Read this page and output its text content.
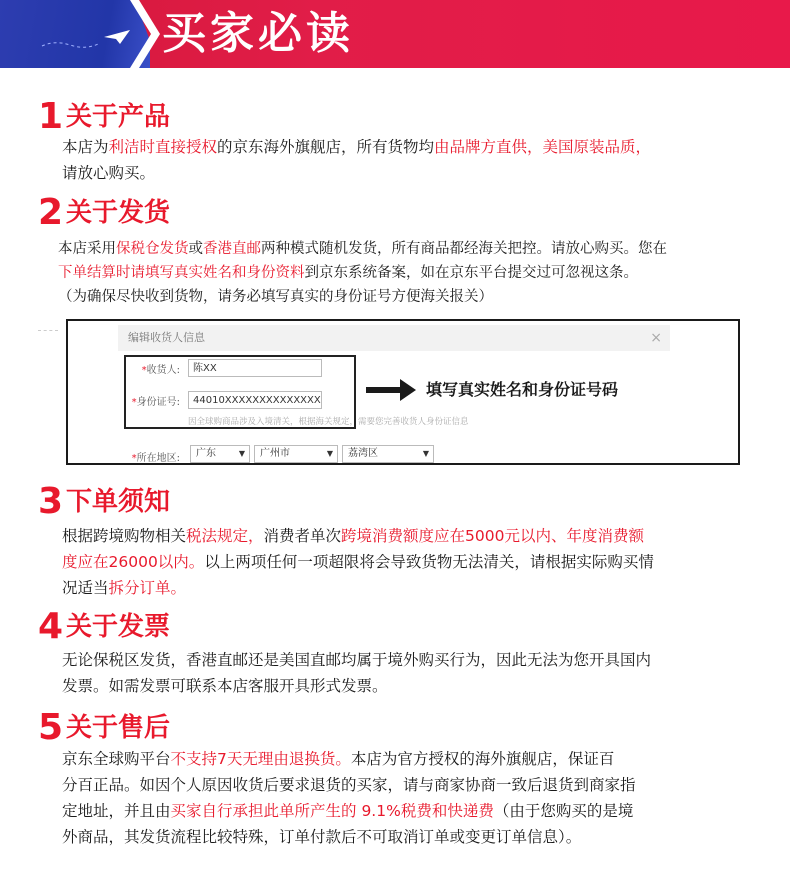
买家必读
1 关于产品
本店为利洁时直接授权的京东海外旗舰店，所有货物均由品牌方直供，美国原装品质，
请放心购买。
2 关于发货
本店采用保税仓发货或香港直邮两种模式随机发货，所有商品都经海关把控。请放心购买。您在
下单结算时请填写真实姓名和身份资料到京东系统备案，如在京东平台提交过可忽视这条。
（为确保尽快收到货物，请务必填写真实的身份证号方便海关报关）
编辑收货人信息	×
*收货人:	陈XX
*身份证号:	44010XXXXXXXXXXXXXX
因全球购商品涉及入境清关，根据海关规定，需要您完善收货人身份证信息
*所在地区:	广东	▼	广州市	▼	荔湾区	▼
填写真实姓名和身份证号码
3 下单须知
根据跨境购物相关税法规定，消费者单次跨境消费额度应在5000元以内、年度消费额
度应在26000以内。以上两项任何一项超限将会导致货物无法清关，请根据实际购买情
况适当拆分订单。
4 关于发票
无论保税区发货，香港直邮还是美国直邮均属于境外购买行为，因此无法为您开具国内
发票。如需发票可联系本店客服开具形式发票。
5 关于售后
京东全球购平台不支持7天无理由退换货。本店为官方授权的海外旗舰店，保证百
分百正品。如因个人原因收货后要求退货的买家，请与商家协商一致后退货到商家指
定地址，并且由买家自行承担此单所产生的 9.1%税费和快递费（由于您购买的是境
外商品，其发货流程比较特殊，订单付款后不可取消订单或变更订单信息）。
